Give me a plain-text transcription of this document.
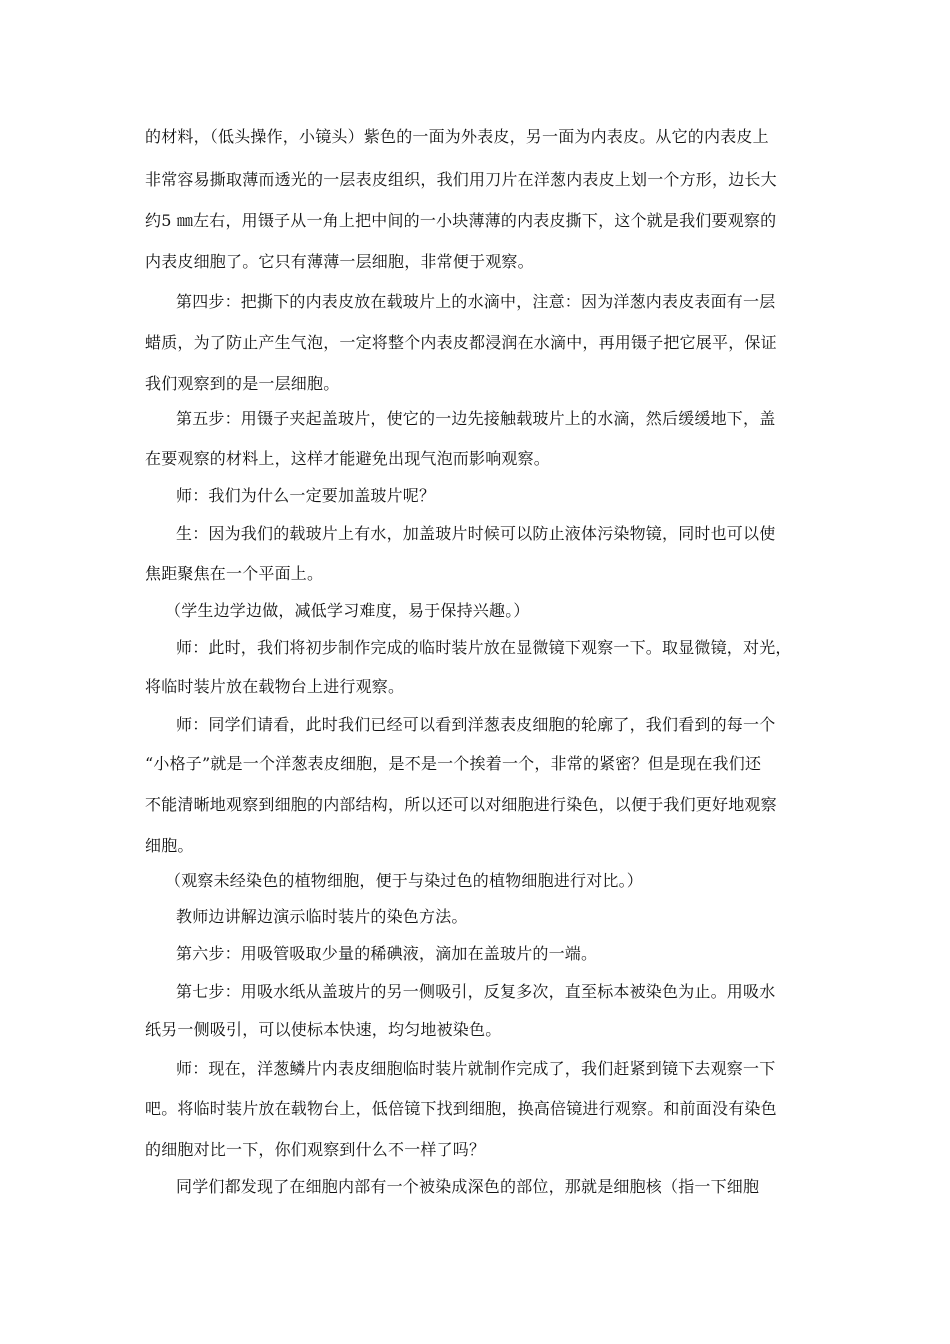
的材料，（低头操作，小镜头）紫色的一面为外表皮，另一面为内表皮。从它的内表皮上
非常容易撕取薄而透光的一层表皮组织，我们用刀片在洋葱内表皮上划一个方形，边长大
约5 ㎜左右，用镊子从一角上把中间的一小块薄薄的内表皮撕下，这个就是我们要观察的
内表皮细胞了。它只有薄薄一层细胞，非常便于观察。
第四步：把撕下的内表皮放在载玻片上的水滴中，注意：因为洋葱内表皮表面有一层
蜡质，为了防止产生气泡，一定将整个内表皮都浸润在水滴中，再用镊子把它展平，保证
我们观察到的是一层细胞。
第五步：用镊子夹起盖玻片，使它的一边先接触载玻片上的水滴，然后缓缓地下，盖
在要观察的材料上，这样才能避免出现气泡而影响观察。
师：我们为什么一定要加盖玻片呢？
生：因为我们的载玻片上有水，加盖玻片时候可以防止液体污染物镜，同时也可以使
焦距聚焦在一个平面上。
（学生边学边做，减低学习难度，易于保持兴趣。）
师：此时，我们将初步制作完成的临时装片放在显微镜下观察一下。取显微镜，对光，
将临时装片放在载物台上进行观察。
师：同学们请看，此时我们已经可以看到洋葱表皮细胞的轮廓了，我们看到的每一个
“小格子”就是一个洋葱表皮细胞，是不是一个挨着一个，非常的紧密？但是现在我们还
不能清晰地观察到细胞的内部结构，所以还可以对细胞进行染色，以便于我们更好地观察
细胞。
（观察未经染色的植物细胞，便于与染过色的植物细胞进行对比。）
教师边讲解边演示临时装片的染色方法。
第六步：用吸管吸取少量的稀碘液，滴加在盖玻片的一端。
第七步：用吸水纸从盖玻片的另一侧吸引，反复多次，直至标本被染色为止。用吸水
纸另一侧吸引，可以使标本快速，均匀地被染色。
师：现在，洋葱鳞片内表皮细胞临时装片就制作完成了，我们赶紧到镜下去观察一下
吧。将临时装片放在载物台上，低倍镜下找到细胞，换高倍镜进行观察。和前面没有染色
的细胞对比一下，你们观察到什么不一样了吗？
同学们都发现了在细胞内部有一个被染成深色的部位，那就是细胞核（指一下细胞
